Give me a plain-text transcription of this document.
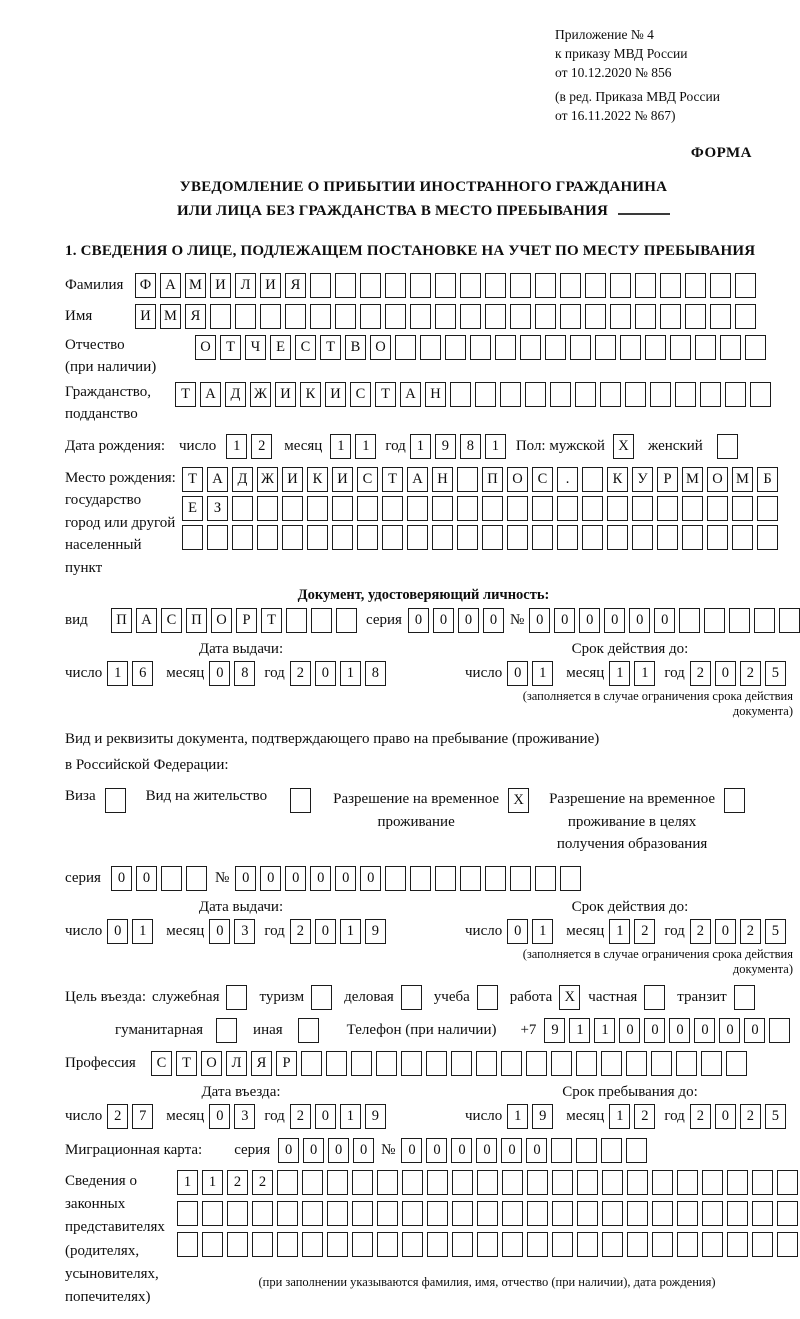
Приложение № 4
к приказу МВД России
от 10.12.2020 № 856
(в ред. Приказа МВД России
от 16.11.2022 № 867)
ФОРМА
УВЕДОМЛЕНИЕ О ПРИБЫТИИ ИНОСТРАННОГО ГРАЖДАНИНА
ИЛИ ЛИЦА БЕЗ ГРАЖДАНСТВА В МЕСТО ПРЕБЫВАНИЯ
1. СВЕДЕНИЯ О ЛИЦЕ, ПОДЛЕЖАЩЕМ ПОСТАНОВКЕ НА УЧЕТ ПО МЕСТУ ПРЕБЫВАНИЯ
Фамилия	Ф А М И	Л	И	Я
Имя	И М Я
Отчество
(при наличии)
О	Т	Ч	Е	С	Т	В	О
Гражданство,
подданство
Т	А	Д Ж И	К	И	С	Т	А	Н
Дата рождения: число	1	2	месяц	1	1	год 1	9	8	1	Пол: мужской X	женский
Место рождения:
государство
город или другой
населенный пункт
Т	А	Д Ж И	К	И	С	Т	А	Н	П	О	С	.	К	У	Р	М О М Б
Е	З
Документ, удостоверяющий личность:
вид	П	А	С	П	О	Р	Т	серия 0	0	0	0 № 0	0	0	0	0	0
Дата выдачи:
число 1	6	месяц 0	8	год 2	0	1	8
Срок действия до:
число 0	1	месяц 1	1	год 2	0	2	5
(заполняется в случае ограничения срока действия документа)
Вид и реквизиты документа, подтверждающего право на пребывание (проживание)
в Российской Федерации:
Виза	Вид на жительство	Разрешение на временное
проживание
X	Разрешение на временное
проживание в целях
получения образования
серия	0	0	№ 0	0	0	0	0	0
Дата выдачи:
число 0	1	месяц 0	3	год 2	0	1	9
Срок действия до:
число 0	1	месяц 1	2	год 2	0	2	5
(заполняется в случае ограничения срока действия документа)
Цель въезда: служебная	туризм	деловая	учеба	работа X частная	транзит
гуманитарная	иная	Телефон (при наличии) +7	9	1	1	0	0	0	0	0	0
Профессия	С	Т	О	Л	Я	Р
Дата въезда:
число 2	7	месяц 0	3	год 2	0	1	9
Срок пребывания до:
число 1	9	месяц 1	2	год 2	0	2	5
Миграционная карта: серия	0	0	0	0 № 0	0	0	0	0	0
Сведения о
законных
представителях
(родителях,
усыновителях,
попечителях)
1	1	2	2
(при заполнении указываются фамилия, имя, отчество (при наличии), дата рождения)
